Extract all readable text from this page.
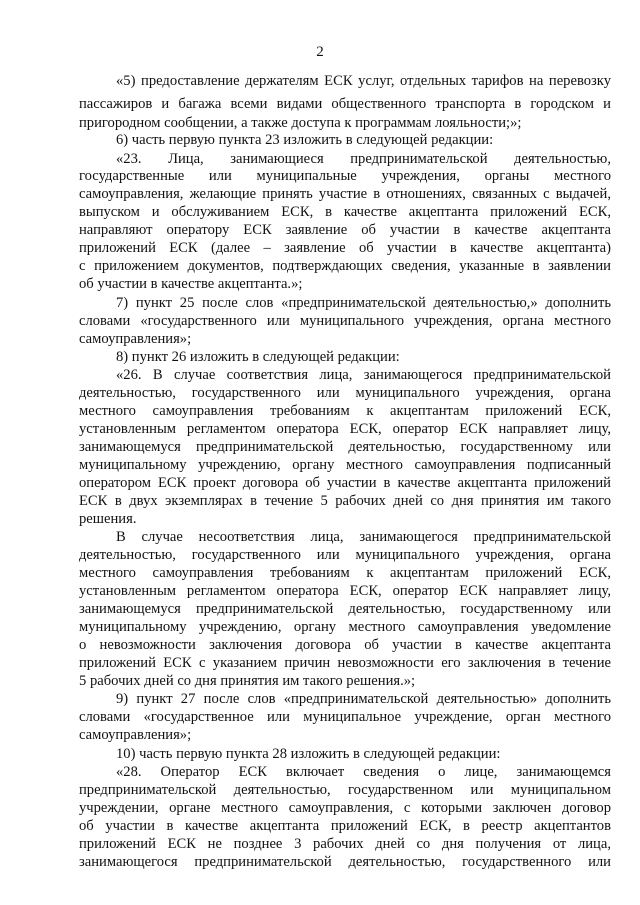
2
«5) предоставление держателям ЕСК услуг, отдельных тарифов на перевозку
пассажиров и багажа всеми видами общественного транспорта в городском и
пригородном сообщении, а также доступа к программам лояльности;»;
6) часть первую пункта 23 изложить в следующей редакции:
«23. Лица, занимающиеся предпринимательской деятельностью,
государственные или муниципальные учреждения, органы местного
самоуправления, желающие принять участие в отношениях, связанных с выдачей,
выпуском и обслуживанием ЕСК, в качестве акцептанта приложений ЕСК,
направляют оператору ЕСК заявление об участии в качестве акцептанта
приложений ЕСК (далее – заявление об участии в качестве акцептанта)
с приложением документов, подтверждающих сведения, указанные в заявлении
об участии в качестве акцептанта.»;
7) пункт 25 после слов «предпринимательской деятельностью,» дополнить
словами «государственного или муниципального учреждения, органа местного
самоуправления»;
8) пункт 26 изложить в следующей редакции:
«26. В случае соответствия лица, занимающегося предпринимательской
деятельностью, государственного или муниципального учреждения, органа
местного самоуправления требованиям к акцептантам приложений ЕСК,
установленным регламентом оператора ЕСК, оператор ЕСК направляет лицу,
занимающемуся предпринимательской деятельностью, государственному или
муниципальному учреждению, органу местного самоуправления подписанный
оператором ЕСК проект договора об участии в качестве акцептанта приложений
ЕСК в двух экземплярах в течение 5 рабочих дней со дня принятия им такого
решения.
В случае несоответствия лица, занимающегося предпринимательской
деятельностью, государственного или муниципального учреждения, органа
местного самоуправления требованиям к акцептантам приложений ЕСК,
установленным регламентом оператора ЕСК, оператор ЕСК направляет лицу,
занимающемуся предпринимательской деятельностью, государственному или
муниципальному учреждению, органу местного самоуправления уведомление
о невозможности заключения договора об участии в качестве акцептанта
приложений ЕСК с указанием причин невозможности его заключения в течение
5 рабочих дней со дня принятия им такого решения.»;
9) пункт 27 после слов «предпринимательской деятельностью» дополнить
словами «государственное или муниципальное учреждение, орган местного
самоуправления»;
10) часть первую пункта 28 изложить в следующей редакции:
«28. Оператор ЕСК включает сведения о лице, занимающемся
предпринимательской деятельностью, государственном или муниципальном
учреждении, органе местного самоуправления, с которыми заключен договор
об участии в качестве акцептанта приложений ЕСК, в реестр акцептантов
приложений ЕСК не позднее 3 рабочих дней со дня получения от лица,
занимающегося предпринимательской деятельностью, государственного или
